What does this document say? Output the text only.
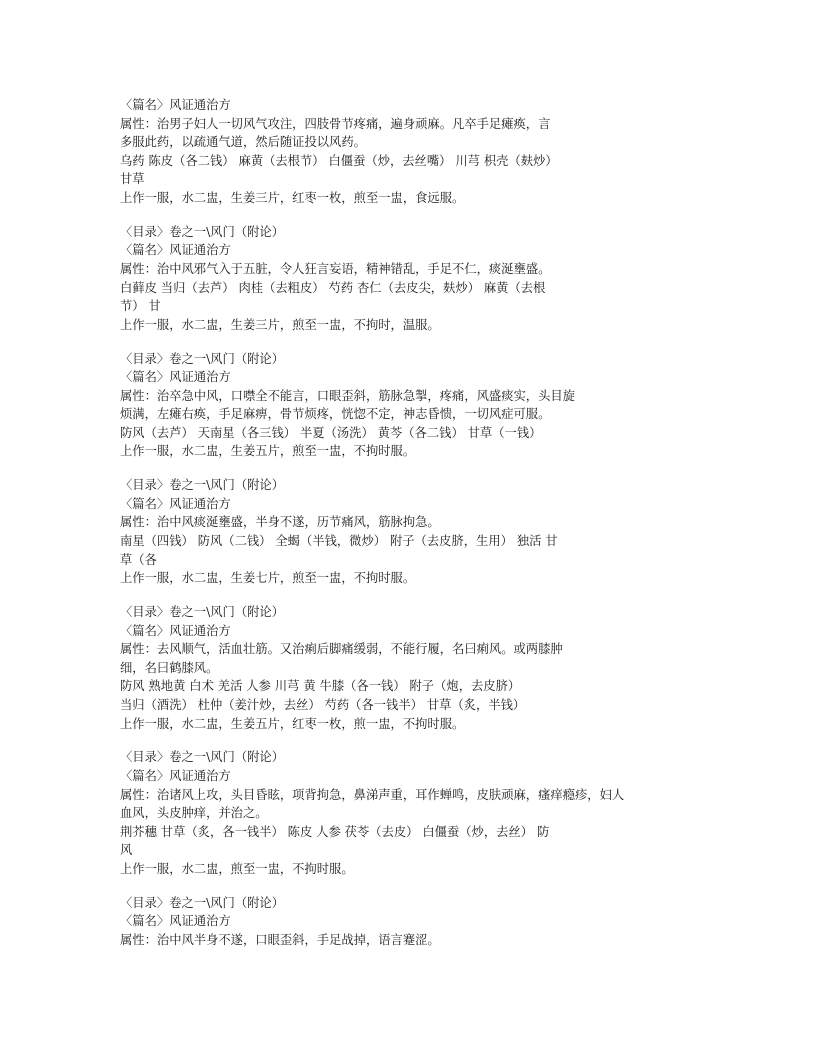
〈篇名〉风证通治方
属性：治男子妇人一切风气攻注，四肢骨节疼痛，遍身顽麻。凡卒手足瘫痪，言
多服此药，以疏通气道，然后随证投以风药。
乌药 陈皮（各二钱） 麻黄（去根节） 白僵蚕（炒，去丝嘴） 川芎 枳壳（麸炒）
甘草
上作一服，水二盅，生姜三片，红枣一枚，煎至一盅，食远服。
〈目录〉卷之一\风门（附论）
〈篇名〉风证通治方
属性：治中风邪气入于五脏，令人狂言妄语，精神错乱，手足不仁，痰涎壅盛。
白藓皮 当归（去芦） 肉桂（去粗皮） 芍药 杏仁（去皮尖，麸炒） 麻黄（去根
节） 甘
上作一服，水二盅，生姜三片，煎至一盅，不拘时，温服。
〈目录〉卷之一\风门（附论）
〈篇名〉风证通治方
属性：治卒急中风，口噤全不能言，口眼歪斜，筋脉急掣，疼痛，风盛痰实，头目旋
烦满，左瘫右痪，手足麻痹，骨节烦疼，恍惚不定，神志昏愦，一切风症可服。
防风（去芦） 天南星（各三钱） 半夏（汤洗） 黄芩（各二钱） 甘草（一钱）
上作一服，水二盅，生姜五片，煎至一盅，不拘时服。
〈目录〉卷之一\风门（附论）
〈篇名〉风证通治方
属性：治中风痰涎壅盛，半身不遂，历节痛风，筋脉拘急。
南星（四钱） 防风（二钱） 全蝎（半钱，微炒） 附子（去皮脐，生用） 独活 甘
草（各
上作一服，水二盅，生姜七片，煎至一盅，不拘时服。
〈目录〉卷之一\风门（附论）
〈篇名〉风证通治方
属性：去风顺气，活血壮筋。又治痢后脚痛缓弱，不能行履，名曰痢风。或两膝肿
细，名曰鹤膝风。
防风 熟地黄 白术 羌活 人参 川芎 黄 牛膝（各一钱） 附子（炮，去皮脐）
当归（酒洗） 杜仲（姜汁炒，去丝） 芍药（各一钱半） 甘草（炙，半钱）
上作一服，水二盅，生姜五片，红枣一枚，煎一盅，不拘时服。
〈目录〉卷之一\风门（附论）
〈篇名〉风证通治方
属性：治诸风上攻，头目昏眩，项背拘急，鼻涕声重，耳作蝉鸣，皮肤顽麻，瘙痒瘾疹，妇人
血风，头皮肿痒，并治之。
荆芥穗 甘草（炙，各一钱半） 陈皮 人参 茯苓（去皮） 白僵蚕（炒，去丝） 防
风
上作一服，水二盅，煎至一盅，不拘时服。
〈目录〉卷之一\风门（附论）
〈篇名〉风证通治方
属性：治中风半身不遂，口眼歪斜，手足战掉，语言蹇涩。
